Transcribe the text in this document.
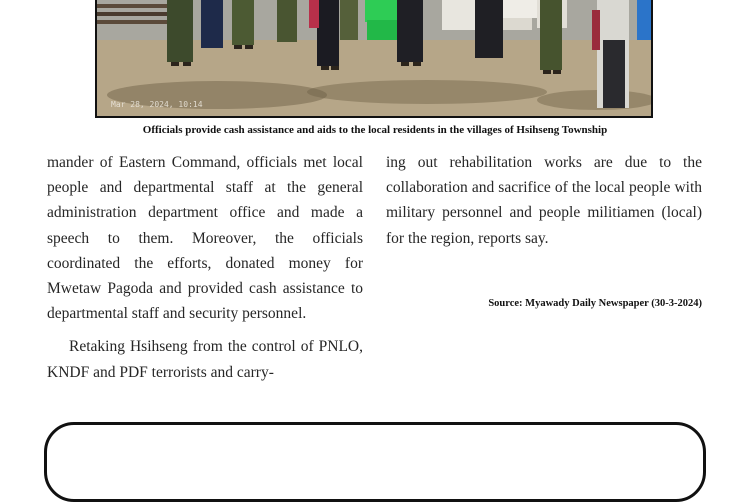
Mar 28, 2024, 10:14
Officials provide cash assistance and aids to the local residents in the villages of Hsihseng Township

mander of Eastern Command, officials met local people and departmental staff at the general administration department office and made a speech to them. Moreover, the officials coordinated the efforts, donated money for Mwetaw Pagoda and provided cash assistance to departmental staff and security personnel.

Retaking Hsihseng from the control of PNLO, KNDF and PDF terrorists and carry-

ing out rehabilitation works are due to the collaboration and sacrifice of the local people with military personnel and people militiamen (local) for the region, reports say.

Source: Myawady Daily Newspaper (30-3-2024)
